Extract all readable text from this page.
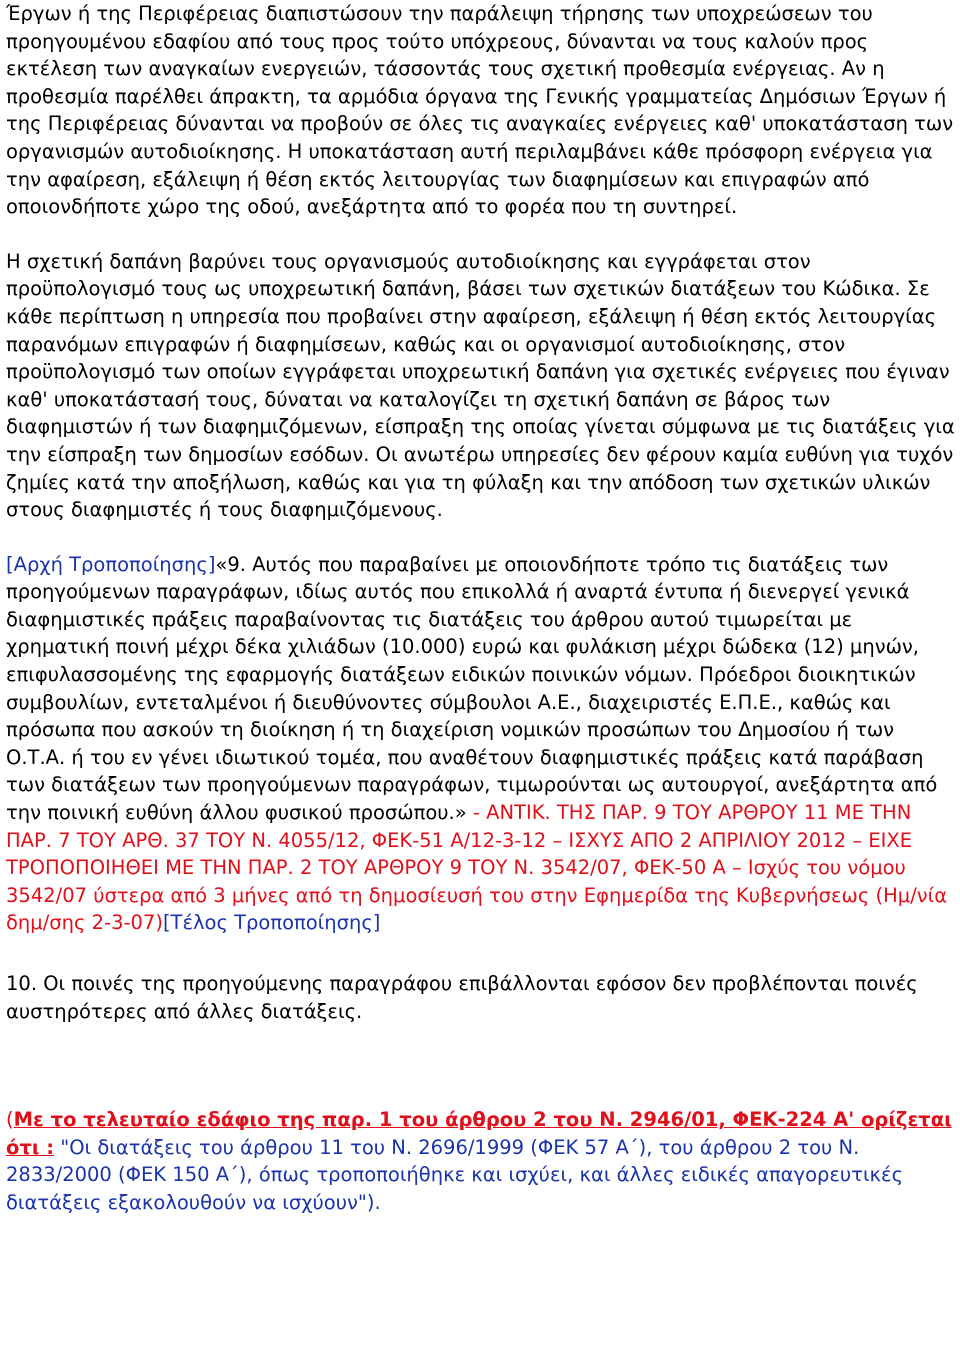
Έργων ή της Περιφέρειας διαπιστώσουν την παράλειψη τήρησης των υποχρεώσεων του προηγουμένου εδαφίου από τους προς τούτο υπόχρεους, δύνανται να τους καλούν προς εκτέλεση των αναγκαίων ενεργειών, τάσσοντάς τους σχετική προθεσμία ενέργειας. Αν η προθεσμία παρέλθει άπρακτη, τα αρμόδια όργανα της Γενικής γραμματείας Δημόσιων Έργων ή της Περιφέρειας δύνανται να προβούν σε όλες τις αναγκαίες ενέργειες καθ' υποκατάσταση των οργανισμών αυτοδιοίκησης. Η υποκατάσταση αυτή περιλαμβάνει κάθε πρόσφορη ενέργεια για την αφαίρεση, εξάλειψη ή θέση εκτός λειτουργίας των διαφημίσεων και επιγραφών από οποιονδήποτε χώρο της οδού, ανεξάρτητα από το φορέα που τη συντηρεί.

Η σχετική δαπάνη βαρύνει τους οργανισμούς αυτοδιοίκησης και εγγράφεται στον προϋπολογισμό τους ως υποχρεωτική δαπάνη, βάσει των σχετικών διατάξεων του Κώδικα. Σε κάθε περίπτωση η υπηρεσία που προβαίνει στην αφαίρεση, εξάλειψη ή θέση εκτός λειτουργίας παρανόμων επιγραφών ή διαφημίσεων, καθώς και οι οργανισμοί αυτοδιοίκησης, στον προϋπολογισμό των οποίων εγγράφεται υποχρεωτική δαπάνη για σχετικές ενέργειες που έγιναν καθ' υποκατάστασή τους, δύναται να καταλογίζει τη σχετική δαπάνη σε βάρος των διαφημιστών ή των διαφημιζόμενων, είσπραξη της οποίας γίνεται σύμφωνα με τις διατάξεις για την είσπραξη των δημοσίων εσόδων. Οι ανωτέρω υπηρεσίες δεν φέρουν καμία ευθύνη για τυχόν ζημίες κατά την αποξήλωση, καθώς και για τη φύλαξη και την απόδοση των σχετικών υλικών στους διαφημιστές ή τους διαφημιζόμενους.

[Αρχή Τροποποίησης]«9. Αυτός που παραβαίνει με οποιονδήποτε τρόπο τις διατάξεις των προηγούμενων παραγράφων, ιδίως αυτός που επικολλά ή αναρτά έντυπα ή διενεργεί γενικά διαφημιστικές πράξεις παραβαίνοντας τις διατάξεις του άρθρου αυτού τιμωρείται με χρηματική ποινή μέχρι δέκα χιλιάδων (10.000) ευρώ και φυλάκιση μέχρι δώδεκα (12) μηνών, επιφυλασσομένης της εφαρμογής διατάξεων ειδικών ποινικών νόμων. Πρόεδροι διοικητικών συμβουλίων, εντεταλμένοι ή διευθύνοντες σύμβουλοι Α.Ε., διαχειριστές Ε.Π.Ε., καθώς και πρόσωπα που ασκούν τη διοίκηση ή τη διαχείριση νομικών προσώπων του Δημοσίου ή των Ο.Τ.Α. ή του εν γένει ιδιωτικού τομέα, που αναθέτουν διαφημιστικές πράξεις κατά παράβαση των διατάξεων των προηγούμενων παραγράφων, τιμωρούνται ως αυτουργοί, ανεξάρτητα από την ποινική ευθύνη άλλου φυσικού προσώπου.» - ΑΝΤΙΚ. ΤΗΣ ΠΑΡ. 9 ΤΟΥ ΑΡΘΡΟΥ 11 ΜΕ ΤΗΝ ΠΑΡ. 7 ΤΟΥ ΑΡΘ. 37 ΤΟΥ Ν. 4055/12, ΦΕΚ-51 Α/12-3-12 – ΙΣΧΥΣ ΑΠΟ 2 ΑΠΡΙΛΙΟΥ 2012 – ΕΙΧΕ ΤΡΟΠΟΠΟΙΗΘΕΙ ΜΕ ΤΗΝ ΠΑΡ. 2 ΤΟΥ ΑΡΘΡΟΥ 9 ΤΟΥ Ν. 3542/07, ΦΕΚ-50 Α – Ισχύς του νόμου 3542/07 ύστερα από 3 μήνες από τη δημοσίευσή του στην Εφημερίδα της Κυβερνήσεως (Ημ/νία δημ/σης 2-3-07)[Τέλος Τροποποίησης]

10. Οι ποινές της προηγούμενης παραγράφου επιβάλλονται εφόσον δεν προβλέπονται ποινές αυστηρότερες από άλλες διατάξεις.

(Με το τελευταίο εδάφιο της παρ. 1 του άρθρου 2 του Ν. 2946/01, ΦΕΚ-224 Α' ορίζεται ότι : "Οι διατάξεις του άρθρου 11 του Ν. 2696/1999 (ΦΕΚ 57 Α΄), του άρθρου 2 του Ν. 2833/2000 (ΦΕΚ 150 Α΄), όπως τροποποιήθηκε και ισχύει, και άλλες ειδικές απαγορευτικές διατάξεις εξακολουθούν να ισχύουν").
